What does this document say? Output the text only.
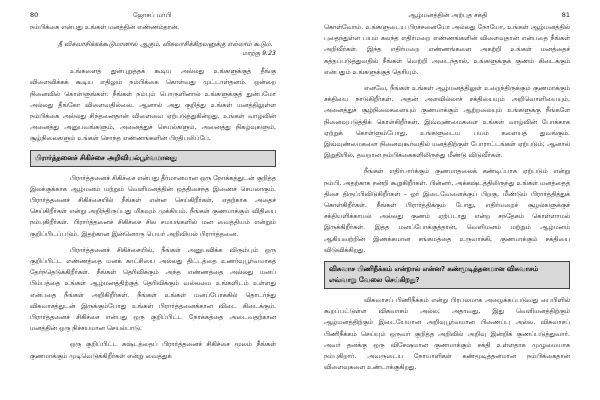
80	ஜோசப் மர்பி

நம்பிக்கை என்பது உங்கள் மனத்தின் எண்ணம்தான்.

நீ விசுவாசிக்கக்கூடுமானால் ஆகும், விசுவாசிக்கிறவனுக்கு எல்லாம் கூடும்.
மாற்கு 9:23

உங்களைத் துன்புறுத்தக் கூடிய அல்லது உங்களுக்குத் தீங்கு விளைவிக்கக் கூடிய எதிலும் நம்பிக்கை கொள்வது முட்டாள்தனம். ஒன்றை நினைவில் கொள்ளுங்கள்: நீங்கள் நம்பும் பொருளினால் உங்களுக்குத் துன்பமோ அல்லது தீங்கோ விளைவதில்லை. ஆனால் அது குறித்து உங்கள் மனத்திலுள்ள நம்பிக்கை அல்லது சிந்தனைதான் விளைவை ஏற்படுத்துகின்றது. உங்கள் வாழ்வின் அனைத்து அனுபவங்களும், அனைத்துச் செயல்களும், அனைத்து நிகழ்வுகளும், சூழ்நிலைகளும் உங்கள் சொந்த எண்ணங்களின் பிரதிபலிப்பே.

பிரார்த்தனைச் சிகிச்சை அறிவியல்பூர்வமானது

பிரார்த்தனைச் சிகிச்சை என்பது தீர்மானமான ஒரு நோக்கத்துடன் குறித்த இலக்குக்காக ஆழ்மனம் மற்றும் வெளிமனத்தின் ஒத்திசைந்த இணைச் செயலாகும். பிரார்த்தனைச் சிகிச்சையில் நீங்கள் என்ன செய்கிறீர்கள், எதற்காக அதைச் செய்கிறீர்கள் என்று அறிந்திருப்பது மிகவும் முக்கியம். நீங்கள் குணமாக்கும் விதியை நம்புகிறீர்கள். பிரார்த்தனைச் சிகிச்சை சில சமயங்களில் மன வைத்தியம் என்றும் குறிப்பிடப்படும். இதற்கான இன்னொரு பெயர் அறிவியல் பிரார்த்தனை.

பிரார்த்தனைச் சிகிச்சையில், நீங்கள் அனுபவிக்க விரும்பும் ஒரு குறிப்பிட்ட எண்ணத்தை மனக் காட்சியை அல்லது திட்டத்தை உணர்வுபூர்வமாகத் தேர்ந்தெடுக்கிறீர்கள். நீங்கள் தெரிவிக்கும் அந்த எண்ணத்தை அல்லது மனப் பிம்பத்தை உங்கள் ஆழ்மனத்திற்குத் தெரிவிக்கும் வல்லமை உங்களிடம் உள்ளது என்பதை நீங்கள் அறிகிறீர்கள். நீங்கள் உங்கள் மனப்போக்கில் தொடர்ந்து விசுவாசத்துடன் இருக்கும்போது உங்கள் பிரார்த்தனைக்கான விடை கிடைக்கும். பிரார்த்தனைச் சிகிச்சை என்பது ஒரு குறிப்பிட்ட நோக்கத்தை அடைவதற்கான மனத்தின் ஒரு நிச்சயமான செயல்பாடு.

ஒரு குறிப்பிட்ட கஷ்டத்தைப் பிரார்த்தனைச் சிகிச்சை மூலம் நீங்கள் குணமாக்கும் முடிவெடுக்கிறீர்கள் என்று வைத்துக்

ஆழ்மனத்தின் அற்புத சக்தி	81

கொள்வோம். உங்களுடைய பிரச்சனையோ அல்லது நோயோ, உங்கள் ஆழ்மனத்தில் புதைந்துள்ள பயம் கலந்த எதிர்மறை எண்ணங்களின் விளைவுதான் என்பதை நீங்கள் அறிவீர்கள். இந்த எதிர்மறை எண்ணங்களை அகற்றி உங்கள் மனத்தைச் சுத்தப்படுத்துவதில் நீங்கள் வெற்றி அடைந்தால், உங்களுக்குக் குணம் கிடைக்கும் என்பதும் உங்களுக்குத் தெரியும்.

எனவே, நீங்கள் உங்கள் ஆழ்மனத்திலுள் உறைந்திருக்கும் குணமாக்கும் சக்தியை நாடுகிறீர்கள். அதன் அளவில்லாச் சக்தியையும் அறிவொளியையும், அனைத்துச் சூழ்நிலைகளையும் குணமாக்கும் ஆற்றலையும் உங்களுக்கு நீங்களே நினைவுபடுத்திக் கொள்கிறீர்கள். இவ்வுண்மைகளை உங்கள் வாழ்வின் போக்காக ஏற்றுக் கொள்ளும்போது, உங்களுடைய பயம் களையத் துவங்கும். இவ்வுண்மைகளை நினைவுகூர்வதில் மனத்திற்குள் போராட்டங்கள் ஏற்படும்; ஆனால் இறுதியில், தவறான நம்பிக்கைகளிலிருந்து மீண்டு விடுவீர்கள்.

நீங்கள் எதிர்பார்க்கும் குணமாதலைக் கண்டிப்பாக ஏற்படும் என்று நம்பி, அதற்காக நன்றி கூறுகிறீர்கள். பின்னர், அக்கஷ்டத்திலிருந்து உங்கள் மனத்தைத் திசை திருப்பிவிடுகிறீர்கள் - ஓர் இடைவேளைக்குப் பிறகு, மீண்டும் பிரார்த்தித்துக் கொள்கிறீர்கள். நீங்கள் பிரார்த்திக்கும் போது, எதிர்மறைச் சூழல்களுக்குச் சக்தியளிக்காமல் அல்லது குணம் ஏற்படாது என்ற சந்தேகம் கொள்ளாமல் இருக்கிறீர்கள். இத்த மனப்போக்குத்தான், வெளிமனம் மற்றும் ஆழ்மனம் ஆகியவற்றின் இணக்கமான சங்கமத்தை உருவாக்கி, குணமாக்கும் சக்தியை விடுவிக்கிறது.

விசுவாச பிணிநீக்கம் என்றால் என்ன? கண்மூடித்தனமான விசுவாசம் எவ்வாறு வேலை செய்கிறது?

விசுவாசப் பிணிநீக்கம் என்று பிரபலமாக அழைக்கப்படுவது பைபிளில் கூறப்பட்டுள்ள விசுவாசம் அல்ல; அதாவது, இது வெளிமனத்திற்கும் ஆழ்மனத்திற்கும் இடையேயான அறிவுபூர்வமான பிணைப்பு அல்ல. விசுவாசப் பிணிநீக்கம் செய்யும் ஒருவர் குறித்த அறிவில் அறிவு இன்றிக் குணப்படுத்துவார். அவர் தனக்கு ஒரு விசேஷமான குணமாக்கும் சக்தி உள்ளதாக முழுமையாக நம்புகிறார். அவருடைய நோயாளிகள் கண்மூடித்தனமான நம்பிக்கைதான் விளைவுகளை உண்டாக்குகிறது.
